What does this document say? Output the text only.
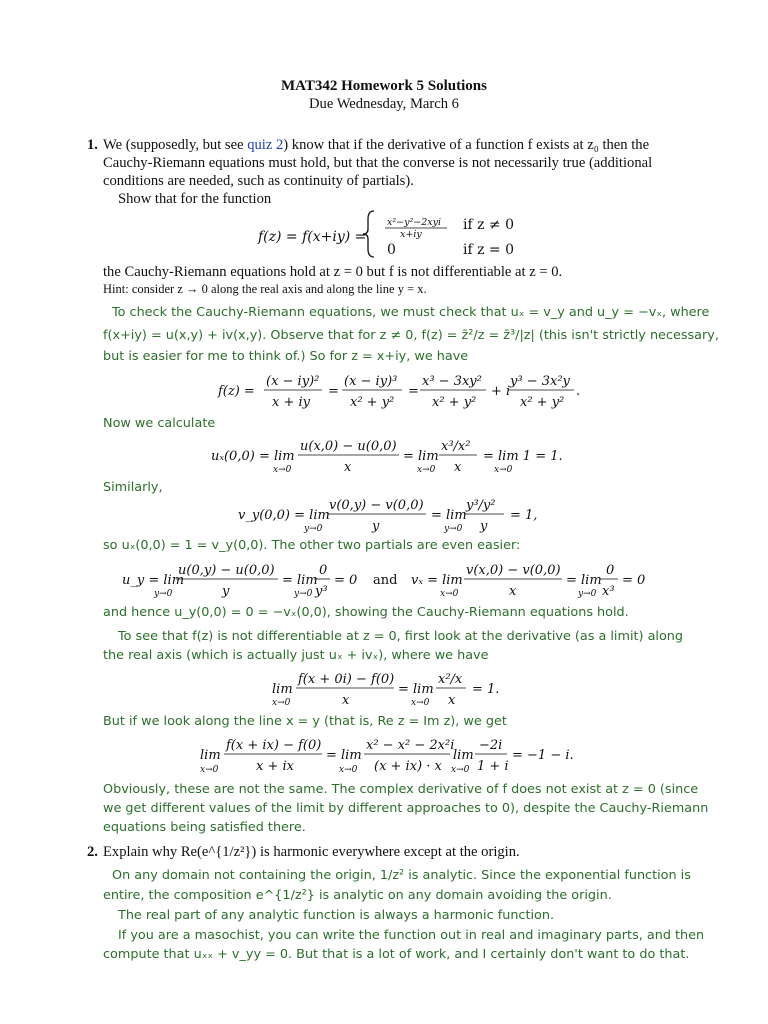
MAT342 Homework 5 Solutions
Due Wednesday, March 6
1. We (supposedly, but see quiz 2) know that if the derivative of a function f exists at z₀ then the
Cauchy-Riemann equations must hold, but that the converse is not necessarily true (additional
conditions are needed, such as continuity of partials).
Show that for the function
f(z) = f(x+iy) =
x²−y²−2xyi
x+iy
if z ≠ 0
0	if z = 0
the Cauchy-Riemann equations hold at z = 0 but f is not differentiable at z = 0.
Hint: consider z → 0 along the real axis and along the line y = x.
To check the Cauchy-Riemann equations, we must check that uₓ = v_y and u_y = −vₓ, where
f(x+iy) = u(x,y) + iv(x,y). Observe that for z ≠ 0, f(z) = z̄²/z = z̄³/|z| (this isn't strictly necessary,
but is easier for me to think of.) So for z = x+iy, we have
f(z) =
(x − iy)²
x + iy
=
(x − iy)³
x² + y²
=
x³ − 3xy²
x² + y²
+ i
y³ − 3x²y
x² + y²
.
Now we calculate
uₓ(0,0) = lim
x→0
u(x,0) − u(0,0)
x
= lim
x→0
x³/x²
x
= lim 1 = 1.
x→0
Similarly,
v_y(0,0) = lim
y→0
v(0,y) − v(0,0)
y
= lim
y→0
y³/y²
y
= 1,
so uₓ(0,0) = 1 = v_y(0,0). The other two partials are even easier:
u_y = lim
y→0
u(0,y) − u(0,0)
y
= lim
y→0
0
y³
= 0 and vₓ = lim
x→0
v(x,0) − v(0,0)
x
= lim
y→0
0
x³
= 0
and hence u_y(0,0) = 0 = −vₓ(0,0), showing the Cauchy-Riemann equations hold.
To see that f(z) is not differentiable at z = 0, first look at the derivative (as a limit) along
the real axis (which is actually just uₓ + ivₓ), where we have
lim
x→0
f(x + 0i) − f(0)
x
= lim
x→0
x²/x
x
= 1.
But if we look along the line x = y (that is, Re z = Im z), we get
lim
x→0
f(x + ix) − f(0)
x + ix
= lim
x→0
x² − x² − 2x²i
(x + ix) · x
lim
x→0
−2i
1 + i
= −1 − i.
Obviously, these are not the same. The complex derivative of f does not exist at z = 0 (since
we get different values of the limit by different approaches to 0), despite the Cauchy-Riemann
equations being satisfied there.
2. Explain why Re(e^{1/z²}) is harmonic everywhere except at the origin.
On any domain not containing the origin, 1/z² is analytic. Since the exponential function is
entire, the composition e^{1/z²} is analytic on any domain avoiding the origin.
The real part of any analytic function is always a harmonic function.
If you are a masochist, you can write the function out in real and imaginary parts, and then
compute that uₓₓ + v_yy = 0. But that is a lot of work, and I certainly don't want to do that.
